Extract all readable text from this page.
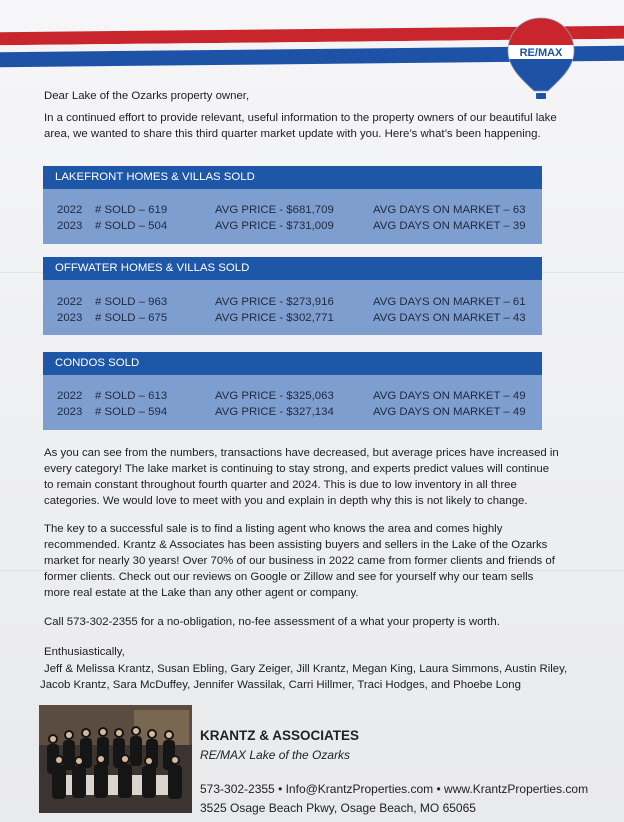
RE/MAX
Dear Lake of the Ozarks property owner,
In a continued effort to provide relevant, useful information to the property owners of our beautiful lake
area, we wanted to share this third quarter market update with you. Here’s what’s been happening.
LAKEFRONT HOMES & VILLAS SOLD
2022 # SOLD – 619	AVG PRICE - $681,709	AVG DAYS ON MARKET – 63
2023 # SOLD – 504	AVG PRICE - $731,009	AVG DAYS ON MARKET – 39
OFFWATER HOMES & VILLAS SOLD
2022 # SOLD – 963	AVG PRICE - $273,916	AVG DAYS ON MARKET – 61
2023 # SOLD – 675	AVG PRICE - $302,771	AVG DAYS ON MARKET – 43
CONDOS SOLD
2022 # SOLD – 613	AVG PRICE - $325,063	AVG DAYS ON MARKET – 49
2023 # SOLD – 594	AVG PRICE - $327,134	AVG DAYS ON MARKET – 49
As you can see from the numbers, transactions have decreased, but average prices have increased in
every category! The lake market is continuing to stay strong, and experts predict values will continue
to remain constant throughout fourth quarter and 2024. This is due to low inventory in all three
categories. We would love to meet with you and explain in depth why this is not likely to change.
The key to a successful sale is to find a listing agent who knows the area and comes highly
recommended. Krantz & Associates has been assisting buyers and sellers in the Lake of the Ozarks
market for nearly 30 years! Over 70% of our business in 2022 came from former clients and friends of
former clients. Check out our reviews on Google or Zillow and see for yourself why our team sells
more real estate at the Lake than any other agent or company.
Call 573-302-2355 for a no-obligation, no-fee assessment of a what your property is worth.
Enthusiastically,
Jeff & Melissa Krantz, Susan Ebling, Gary Zeiger, Jill Krantz, Megan King, Laura Simmons, Austin Riley,
Jacob Krantz, Sara McDuffey, Jennifer Wassilak, Carri Hillmer, Traci Hodges, and Phoebe Long
KRANTZ & ASSOCIATES
RE/MAX Lake of the Ozarks
573-302-2355 • Info@KrantzProperties.com • www.KrantzProperties.com
3525 Osage Beach Pkwy, Osage Beach, MO 65065
